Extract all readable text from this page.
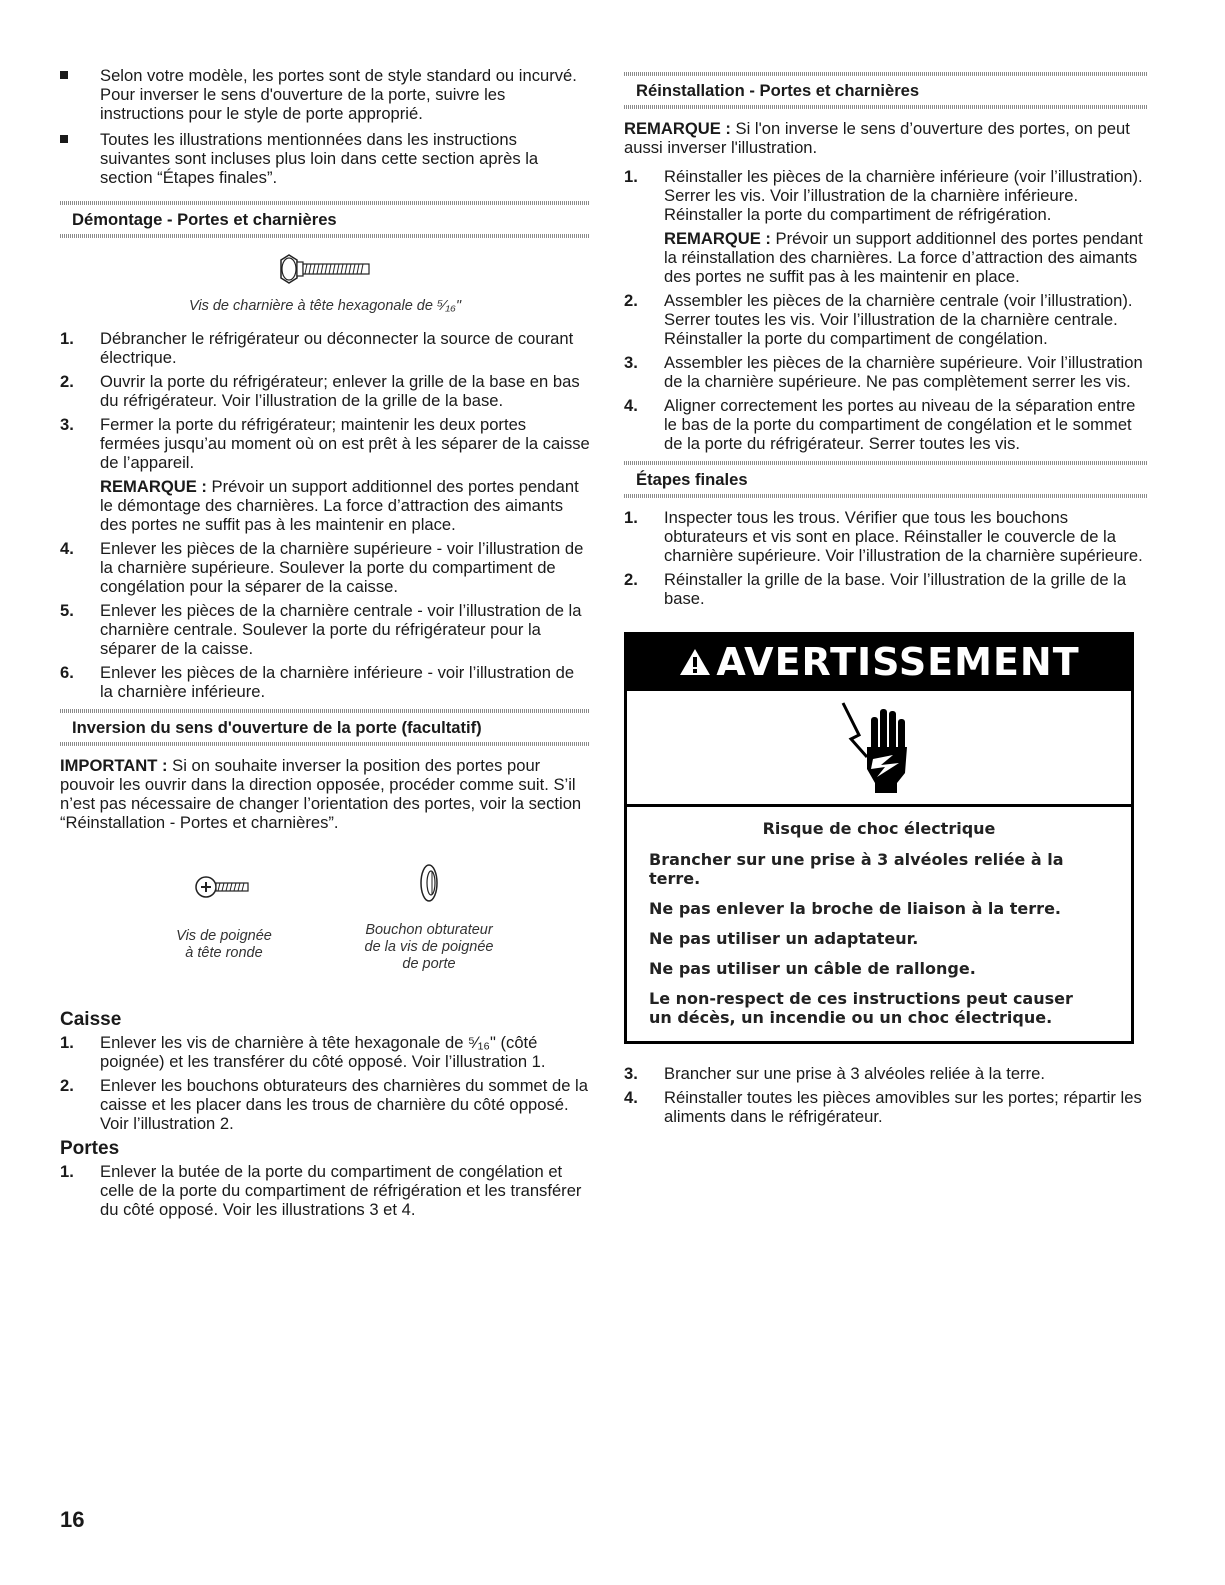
Selon votre modèle, les portes sont de style standard ou incurvé. Pour inverser le sens d'ouverture de la porte, suivre les instructions pour le style de porte approprié.
Toutes les illustrations mentionnées dans les instructions suivantes sont incluses plus loin dans cette section après la section “Étapes finales”.
Démontage - Portes et charnières
Vis de charnière à tête hexagonale de ⁵⁄₁₆"
1. Débrancher le réfrigérateur ou déconnecter la source de courant électrique.
2. Ouvrir la porte du réfrigérateur; enlever la grille de la base en bas du réfrigérateur. Voir l’illustration de la grille de la base.
3. Fermer la porte du réfrigérateur; maintenir les deux portes fermées jusqu’au moment où on est prêt à les séparer de la caisse de l’appareil.
REMARQUE : Prévoir un support additionnel des portes pendant le démontage des charnières. La force d’attraction des aimants des portes ne suffit pas à les maintenir en place.
4. Enlever les pièces de la charnière supérieure - voir l’illustration de la charnière supérieure. Soulever la porte du compartiment de congélation pour la séparer de la caisse.
5. Enlever les pièces de la charnière centrale - voir l’illustration de la charnière centrale. Soulever la porte du réfrigérateur pour la séparer de la caisse.
6. Enlever les pièces de la charnière inférieure - voir l’illustration de la charnière inférieure.
Inversion du sens d'ouverture de la porte (facultatif)

IMPORTANT : Si on souhaite inverser la position des portes pour pouvoir les ouvrir dans la direction opposée, procéder comme suit. S’il n’est pas nécessaire de changer l’orientation des portes, voir la section “Réinstallation - Portes et charnières”.

Vis de poignée
à tête ronde
Bouchon obturateur
de la vis de poignée
de porte
Caisse
1. Enlever les vis de charnière à tête hexagonale de ⁵⁄₁₆" (côté poignée) et les transférer du côté opposé. Voir l’illustration 1.
2. Enlever les bouchons obturateurs des charnières du sommet de la caisse et les placer dans les trous de charnière du côté opposé. Voir l’illustration 2.
Portes
1. Enlever la butée de la porte du compartiment de congélation et celle de la porte du compartiment de réfrigération et les transférer du côté opposé. Voir les illustrations 3 et 4.
Réinstallation - Portes et charnières

REMARQUE : Si l'on inverse le sens d’ouverture des portes, on peut aussi inverser l'illustration.

1. Réinstaller les pièces de la charnière inférieure (voir l’illustration). Serrer les vis. Voir l’illustration de la charnière inférieure. Réinstaller la porte du compartiment de réfrigération.
REMARQUE : Prévoir un support additionnel des portes pendant la réinstallation des charnières. La force d’attraction des aimants des portes ne suffit pas à les maintenir en place.
2. Assembler les pièces de la charnière centrale (voir l’illustration). Serrer toutes les vis. Voir l’illustration de la charnière centrale. Réinstaller la porte du compartiment de congélation.
3. Assembler les pièces de la charnière supérieure. Voir l’illustration de la charnière supérieure. Ne pas complètement serrer les vis.
4. Aligner correctement les portes au niveau de la séparation entre le bas de la porte du compartiment de congélation et le sommet de la porte du réfrigérateur. Serrer toutes les vis.
Étapes finales
1. Inspecter tous les trous. Vérifier que tous les bouchons obturateurs et vis sont en place. Réinstaller le couvercle de la charnière supérieure. Voir l’illustration de la charnière supérieure.
2. Réinstaller la grille de la base. Voir l’illustration de la grille de la base.
AVERTISSEMENT
Risque de choc électrique
Brancher sur une prise à 3 alvéoles reliée à la terre.
Ne pas enlever la broche de liaison à la terre.
Ne pas utiliser un adaptateur.
Ne pas utiliser un câble de rallonge.
Le non-respect de ces instructions peut causer
un décès, un incendie ou un choc électrique.
3. Brancher sur une prise à 3 alvéoles reliée à la terre.
4. Réinstaller toutes les pièces amovibles sur les portes; répartir les aliments dans le réfrigérateur.
16
